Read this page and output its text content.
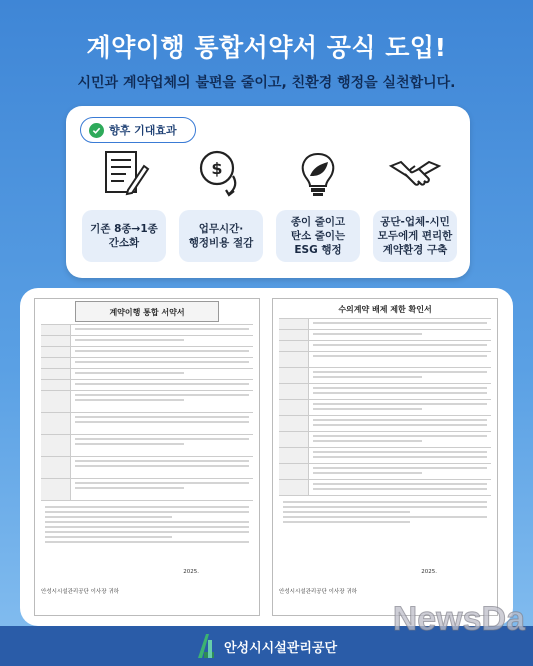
계약이행 통합서약서 공식 도입!
시민과 계약업체의 불편을 줄이고, 친환경 행정을 실천합니다.
향후 기대효과
기존 8종→1종
간소화
$
업무시간·
행정비용 절감
종이 줄이고
탄소 줄이는
ESG 행정
공단-업체-시민
모두에게 편리한
계약환경 구축
계약이행 통합 서약서
2025.
안성시시설관리공단 이사장 귀하
수의계약 배제 제한 확인서
2025.
안성시시설관리공단 이사장 귀하
안성시시설관리공단
NewsDa
